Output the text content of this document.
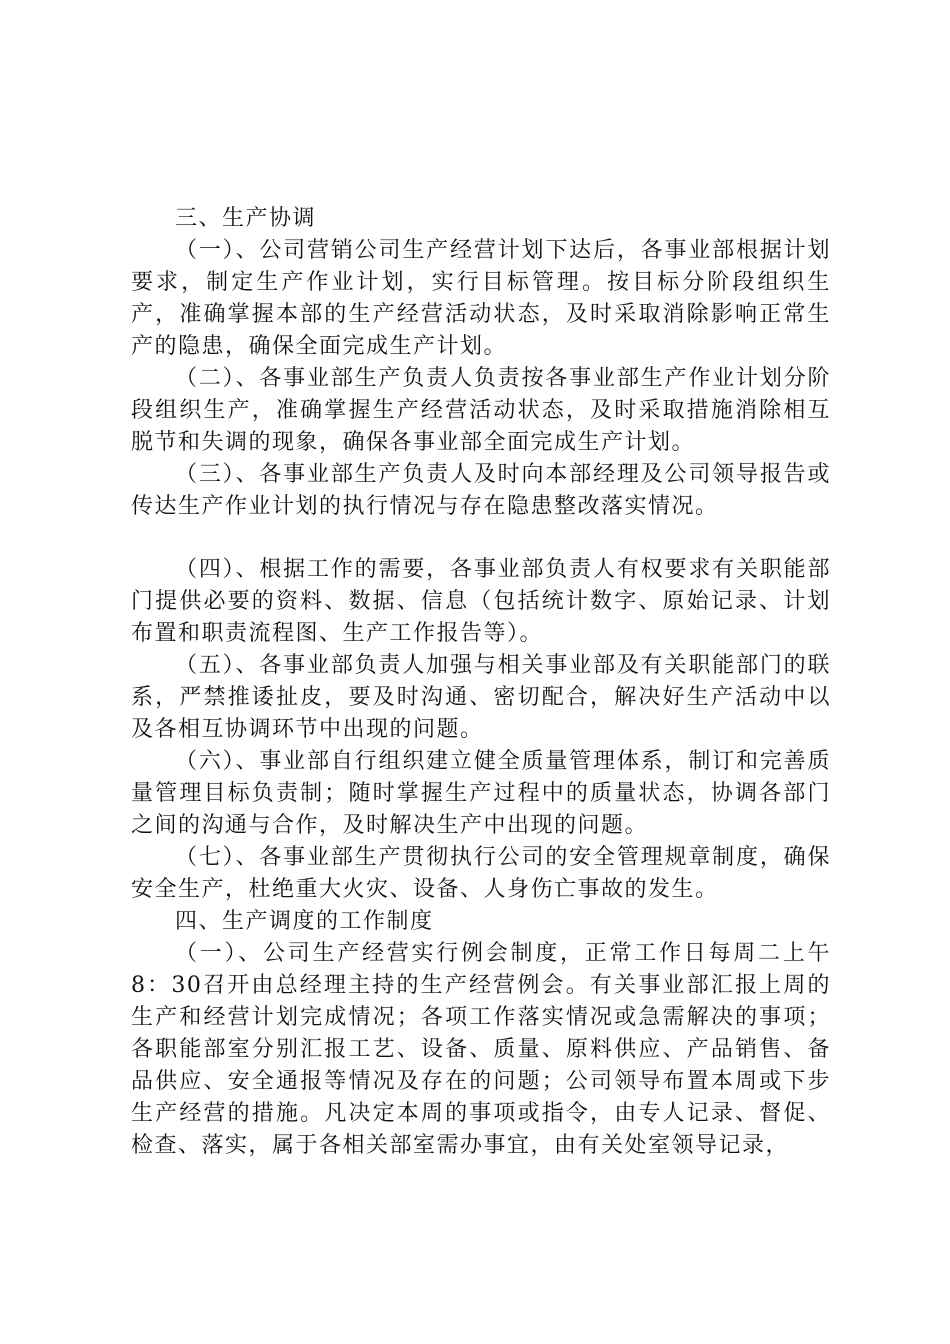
三、生产协调

（一）、公司营销公司生产经营计划下达后，各事业部根据计划要求，制定生产作业计划，实行目标管理。按目标分阶段组织生产，准确掌握本部的生产经营活动状态，及时采取消除影响正常生产的隐患，确保全面完成生产计划。

（二）、各事业部生产负责人负责按各事业部生产作业计划分阶段组织生产，准确掌握生产经营活动状态，及时采取措施消除相互脱节和失调的现象，确保各事业部全面完成生产计划。

（三）、各事业部生产负责人及时向本部经理及公司领导报告或传达生产作业计划的执行情况与存在隐患整改落实情况。

（四）、根据工作的需要，各事业部负责人有权要求有关职能部门提供必要的资料、数据、信息（包括统计数字、原始记录、计划布置和职责流程图、生产工作报告等）。

（五）、各事业部负责人加强与相关事业部及有关职能部门的联系，严禁推诿扯皮，要及时沟通、密切配合，解决好生产活动中以及各相互协调环节中出现的问题。

（六）、事业部自行组织建立健全质量管理体系，制订和完善质量管理目标负责制；随时掌握生产过程中的质量状态，协调各部门之间的沟通与合作，及时解决生产中出现的问题。

（七）、各事业部生产贯彻执行公司的安全管理规章制度，确保安全生产，杜绝重大火灾、设备、人身伤亡事故的发生。

四、生产调度的工作制度

（一）、公司生产经营实行例会制度，正常工作日每周二上午8：30召开由总经理主持的生产经营例会。有关事业部汇报上周的生产和经营计划完成情况；各项工作落实情况或急需解决的事项；各职能部室分别汇报工艺、设备、质量、原料供应、产品销售、备品供应、安全通报等情况及存在的问题；公司领导布置本周或下步生产经营的措施。凡决定本周的事项或指令，由专人记录、督促、检查、落实，属于各相关部室需办事宜，由有关处室领导记录，
